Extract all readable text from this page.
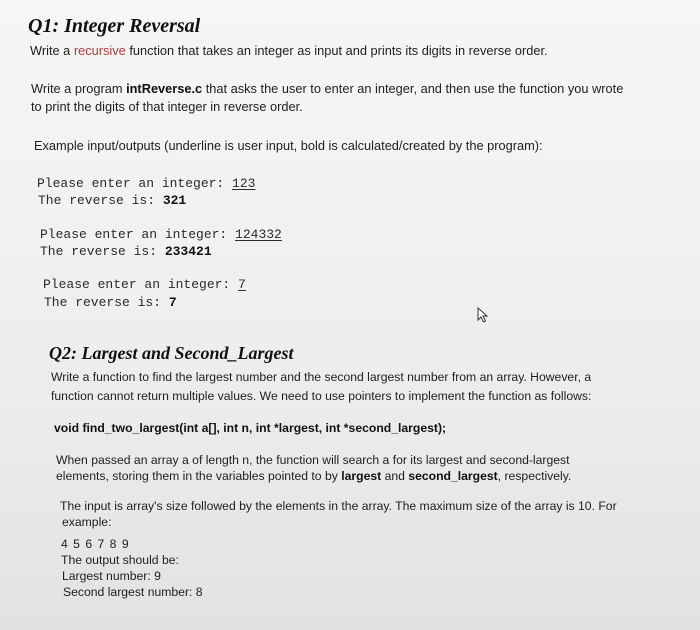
Q1: Integer Reversal
Write a recursive function that takes an integer as input and prints its digits in reverse order.
Write a program intReverse.c that asks the user to enter an integer, and then use the function you wrote
to print the digits of that integer in reverse order.
Example input/outputs (underline is user input, bold is calculated/created by the program):
Please enter an integer: 123
The reverse is: 321
Please enter an integer: 124332
The reverse is: 233421
Please enter an integer: 7
The reverse is: 7
Q2: Largest and Second_Largest
Write a function to find the largest number and the second largest number from an array. However, a
function cannot return multiple values. We need to use pointers to implement the function as follows:
void find_two_largest(int a[], int n, int *largest, int *second_largest);
When passed an array a of length n, the function will search a for its largest and second-largest
elements, storing them in the variables pointed to by largest and second_largest, respectively.
The input is array's size followed by the elements in the array. The maximum size of the array is 10. For
example:
4 5 6 7 8 9
The output should be:
Largest number: 9
Second largest number: 8
